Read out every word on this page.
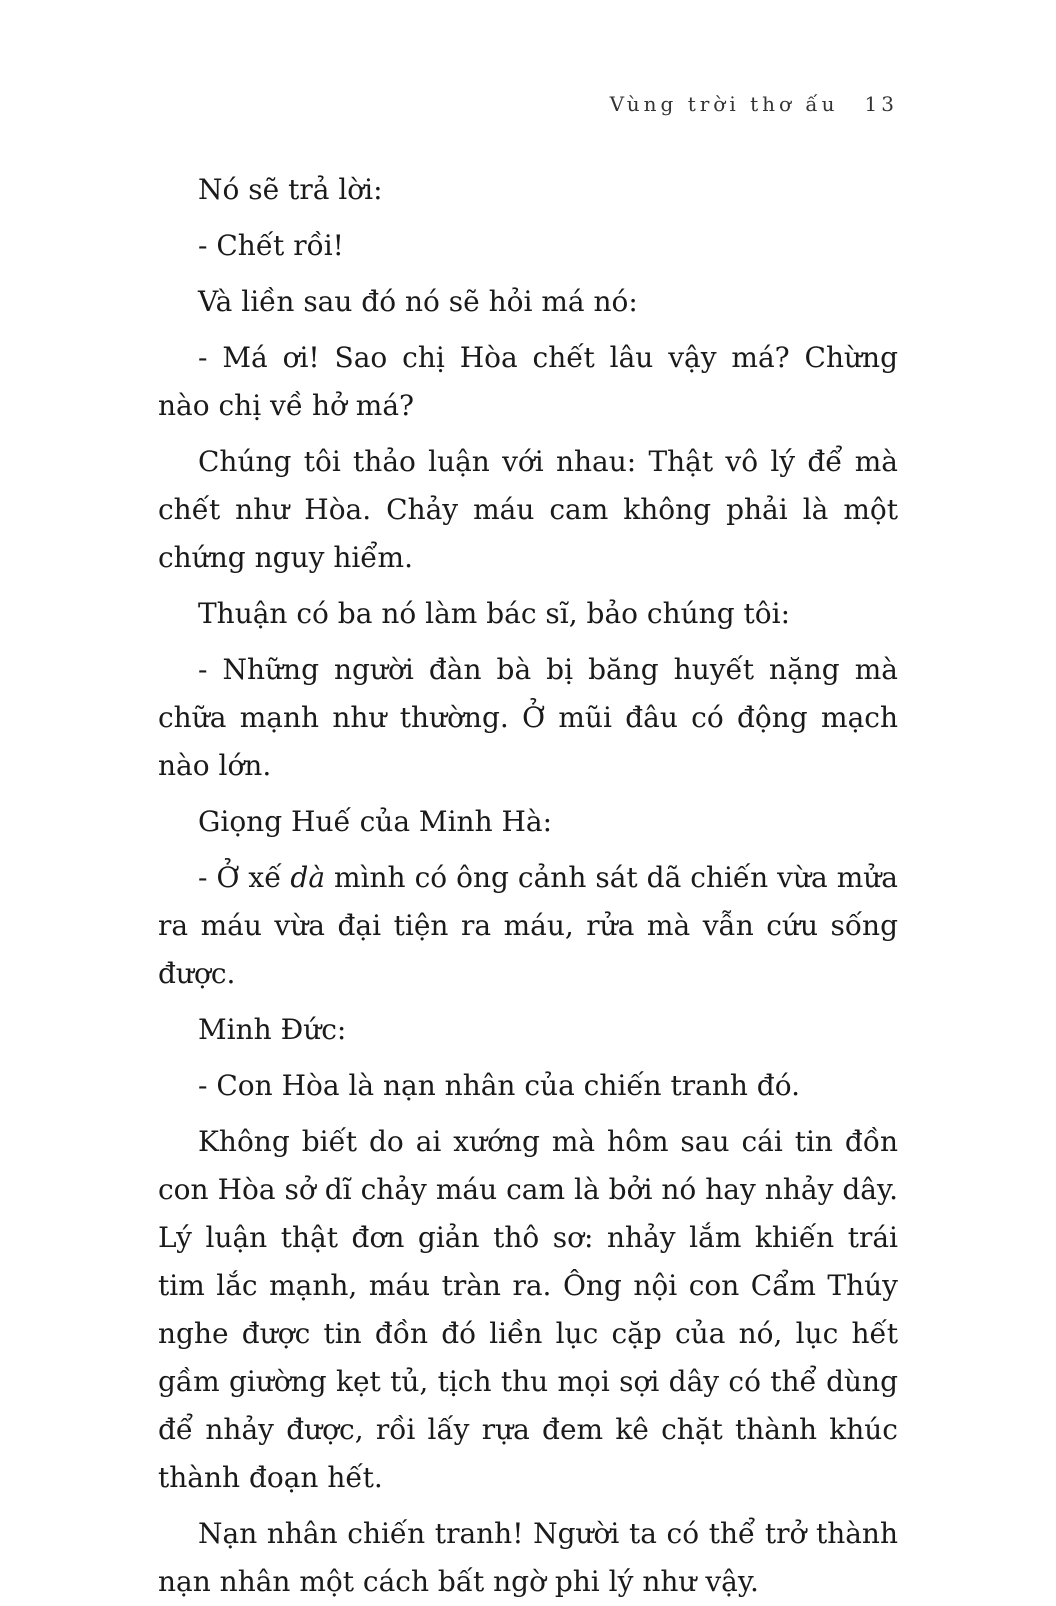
Vùng trời thơ ấu 13

Nó sẽ trả lời:

- Chết rồi!

Và liền sau đó nó sẽ hỏi má nó:

- Má ơi! Sao chị Hòa chết lâu vậy má? Chừng nào chị về hở má?

Chúng tôi thảo luận với nhau: Thật vô lý để mà chết như Hòa. Chảy máu cam không phải là một chứng nguy hiểm.

Thuận có ba nó làm bác sĩ, bảo chúng tôi:

- Những người đàn bà bị băng huyết nặng mà chữa mạnh như thường. Ở mũi đâu có động mạch nào lớn.

Giọng Huế của Minh Hà:

- Ở xế dà mình có ông cảnh sát dã chiến vừa mửa ra máu vừa đại tiện ra máu, rửa mà vẫn cứu sống được.

Minh Đức:

- Con Hòa là nạn nhân của chiến tranh đó.

Không biết do ai xướng mà hôm sau cái tin đồn con Hòa sở dĩ chảy máu cam là bởi nó hay nhảy dây. Lý luận thật đơn giản thô sơ: nhảy lắm khiến trái tim lắc mạnh, máu tràn ra. Ông nội con Cẩm Thúy nghe được tin đồn đó liền lục cặp của nó, lục hết gầm giường kẹt tủ, tịch thu mọi sợi dây có thể dùng để nhảy được, rồi lấy rựa đem kê chặt thành khúc thành đoạn hết.

Nạn nhân chiến tranh! Người ta có thể trở thành nạn nhân một cách bất ngờ phi lý như vậy.
